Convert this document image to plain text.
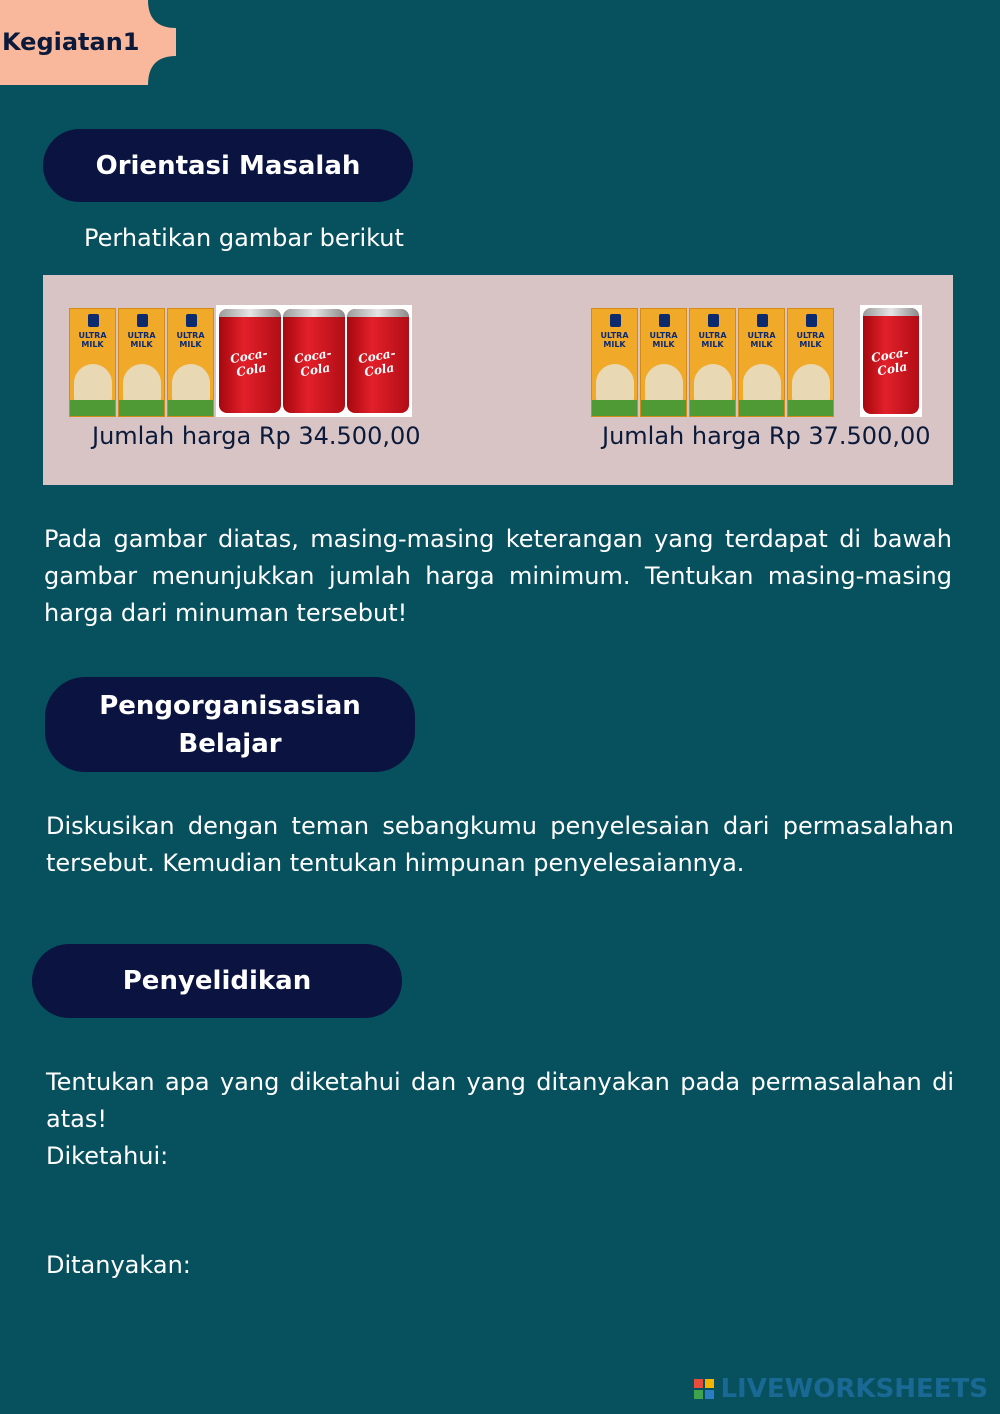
Kegiatan1
Orientasi Masalah
Perhatikan gambar berikut
ULTRA
MILK
ULTRA
MILK
ULTRA
MILK
Coca-Cola
Coca-Cola
Coca-Cola
ULTRA
MILK
ULTRA
MILK
ULTRA
MILK
ULTRA
MILK
ULTRA
MILK
Coca-Cola
Jumlah harga Rp 34.500,00	Jumlah harga Rp 37.500,00
Pada gambar diatas, masing-masing keterangan yang terdapat di bawah gambar menunjukkan jumlah harga minimum. Tentukan masing-masing harga dari minuman tersebut!
Pengorganisasian
Belajar
Diskusikan dengan teman sebangkumu penyelesaian dari permasalahan tersebut. Kemudian tentukan himpunan penyelesaiannya.
Penyelidikan
Tentukan apa yang diketahui dan yang ditanyakan pada permasalahan di atas!
Diketahui:
Ditanyakan:
LIVEWORKSHEETS
